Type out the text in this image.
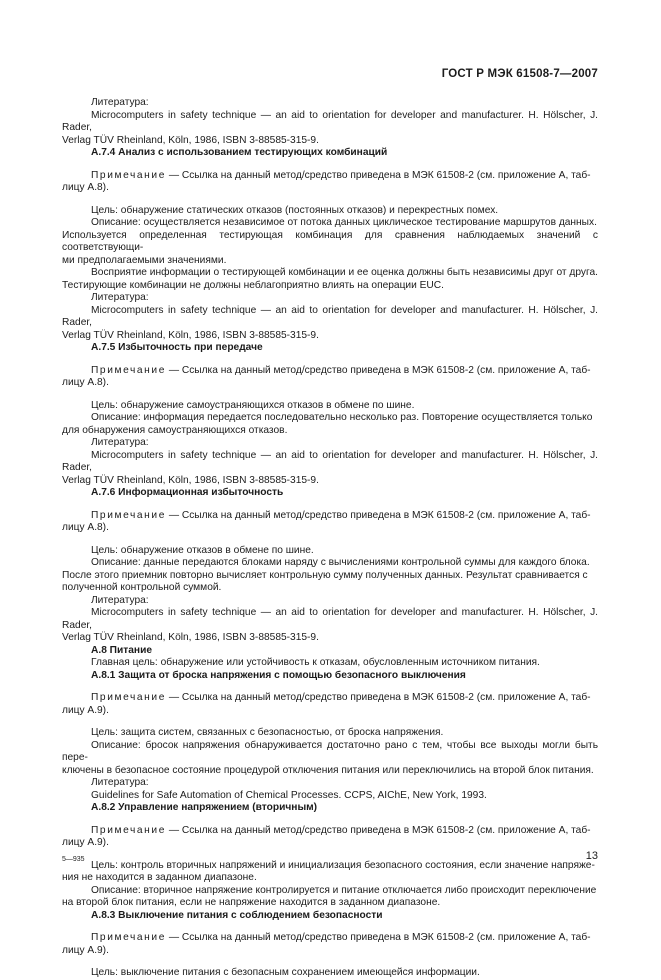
ГОСТ Р МЭК 61508-7—2007

Литература:

Microcomputers in safety technique — an aid to orientation for developer and manufacturer. H. Hölscher, J. Rader,

Verlag TÜV Rheinland, Köln, 1986, ISBN 3-88585-315-9.

А.7.4 Анализ с использованием тестирующих комбинаций

Примечание — Ссылка на данный метод/средство приведена в МЭК 61508-2 (см. приложение А, таб-

лицу А.8).

Цель: обнаружение статических отказов (постоянных отказов) и перекрестных помех.

Описание: осуществляется независимое от потока данных циклическое тестирование маршрутов данных.

Используется определенная тестирующая комбинация для сравнения наблюдаемых значений с соответствующи-

ми предполагаемыми значениями.

Восприятие информации о тестирующей комбинации и ее оценка должны быть независимы друг от друга.

Тестирующие комбинации не должны неблагоприятно влиять на операции EUC.

Литература:

Microcomputers in safety technique — an aid to orientation for developer and manufacturer. H. Hölscher, J. Rader,

Verlag TÜV Rheinland, Köln, 1986, ISBN 3-88585-315-9.

А.7.5 Избыточность при передаче

Примечание — Ссылка на данный метод/средство приведена в МЭК 61508-2 (см. приложение А, таб-

лицу А.8).

Цель: обнаружение самоустраняющихся отказов в обмене по шине.

Описание: информация передается последовательно несколько раз. Повторение осуществляется только

для обнаружения самоустраняющихся отказов.

Литература:

Microcomputers in safety technique — an aid to orientation for developer and manufacturer. H. Hölscher, J. Rader,

Verlag TÜV Rheinland, Köln, 1986, ISBN 3-88585-315-9.

А.7.6 Информационная избыточность

Примечание — Ссылка на данный метод/средство приведена в МЭК 61508-2 (см. приложение А, таб-

лицу А.8).

Цель: обнаружение отказов в обмене по шине.

Описание: данные передаются блоками наряду с вычислениями контрольной суммы для каждого блока.

После этого приемник повторно вычисляет контрольную сумму полученных данных. Результат сравнивается с

полученной контрольной суммой.

Литература:

Microcomputers in safety technique — an aid to orientation for developer and manufacturer. H. Hölscher, J. Rader,

Verlag TÜV Rheinland, Köln, 1986, ISBN 3-88585-315-9.

А.8 Питание

Главная цель: обнаружение или устойчивость к отказам, обусловленным источником питания.

А.8.1 Защита от броска напряжения с помощью безопасного выключения

Примечание — Ссылка на данный метод/средство приведена в МЭК 61508-2 (см. приложение А, таб-

лицу А.9).

Цель: защита систем, связанных с безопасностью, от броска напряжения.

Описание: бросок напряжения обнаруживается достаточно рано с тем, чтобы все выходы могли быть пере-

ключены в безопасное состояние процедурой отключения питания или переключились на второй блок питания.

Литература:

Guidelines for Safe Automation of Chemical Processes. CCPS, AIChE, New York, 1993.

А.8.2 Управление напряжением (вторичным)

Примечание — Ссылка на данный метод/средство приведена в МЭК 61508-2 (см. приложение А, таб-

лицу А.9).

Цель: контроль вторичных напряжений и инициализация безопасного состояния, если значение напряже-

ния не находится в заданном диапазоне.

Описание: вторичное напряжение контролируется и питание отключается либо происходит переключение

на второй блок питания, если не напряжение находится в заданном диапазоне.

А.8.3 Выключение питания с соблюдением безопасности

Примечание — Ссылка на данный метод/средство приведена в МЭК 61508-2 (см. приложение А, таб-

лицу А.9).

Цель: выключение питания с безопасным сохранением имеющейся информации.

5—935	13
